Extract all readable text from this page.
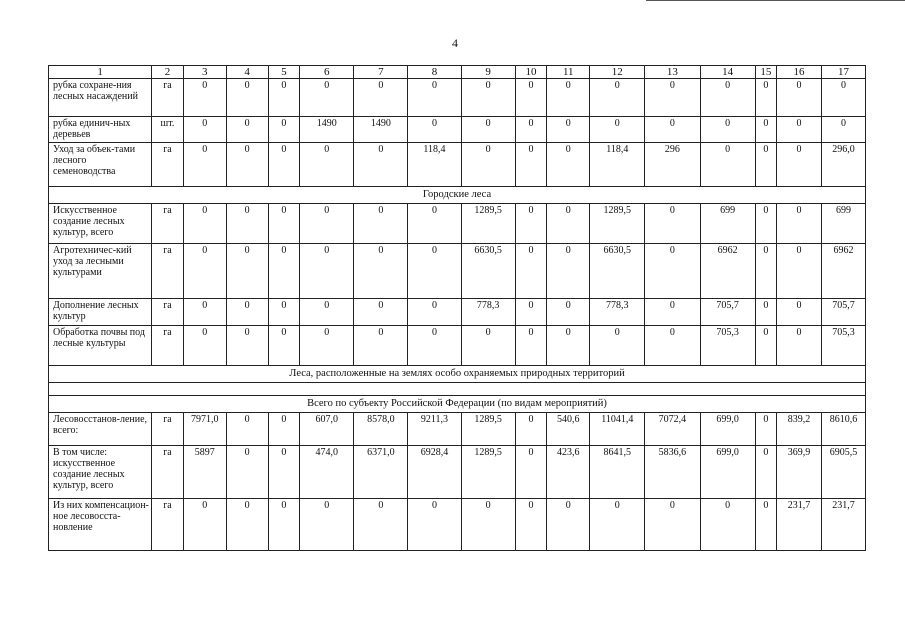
4
1	2	3	4	5	6	7	8	9	10	11	12	13	14	15	16	17
рубка сохране-ния лесных насаждений	га	0	0	0	0	0	0	0	0	0	0	0	0	0	0	0
рубка единич-ных деревьев	шт.	0	0	0	1490	1490	0	0	0	0	0	0	0	0	0	0
Уход за объек-тами лесного семеноводства	га	0	0	0	0	0	118,4	0	0	0	118,4	296	0	0	0	296,0
Городские леса																
Искусственное создание лесных культур, всего	га	0	0	0	0	0	0	1289,5	0	0	1289,5	0	699	0	0	699
Агротехничес-кий уход за лесными культурами	га	0	0	0	0	0	0	6630,5	0	0	6630,5	0	6962	0	0	6962
Дополнение лесных культур	га	0	0	0	0	0	0	778,3	0	0	778,3	0	705,7	0	0	705,7
Обработка почвы под лесные культуры	га	0	0	0	0	0	0	0	0	0	0	0	705,3	0	0	705,3
Леса, расположенные на землях особо охраняемых природных территорий																

Всего по субъекту Российской Федерации (по видам мероприятий)																
Лесовосстанов-ление, всего:	га	7971,0	0	0	607,0	8578,0	9211,3	1289,5	0	540,6	11041,4	7072,4	699,0	0	839,2	8610,6
В том числе: искусственное создание лесных культур, всего	га	5897	0	0	474,0	6371,0	6928,4	1289,5	0	423,6	8641,5	5836,6	699,0	0	369,9	6905,5
Из них компенсацион-ное лесовосста-новление	га	0	0	0	0	0	0	0	0	0	0	0	0	0	231,7	231,7
